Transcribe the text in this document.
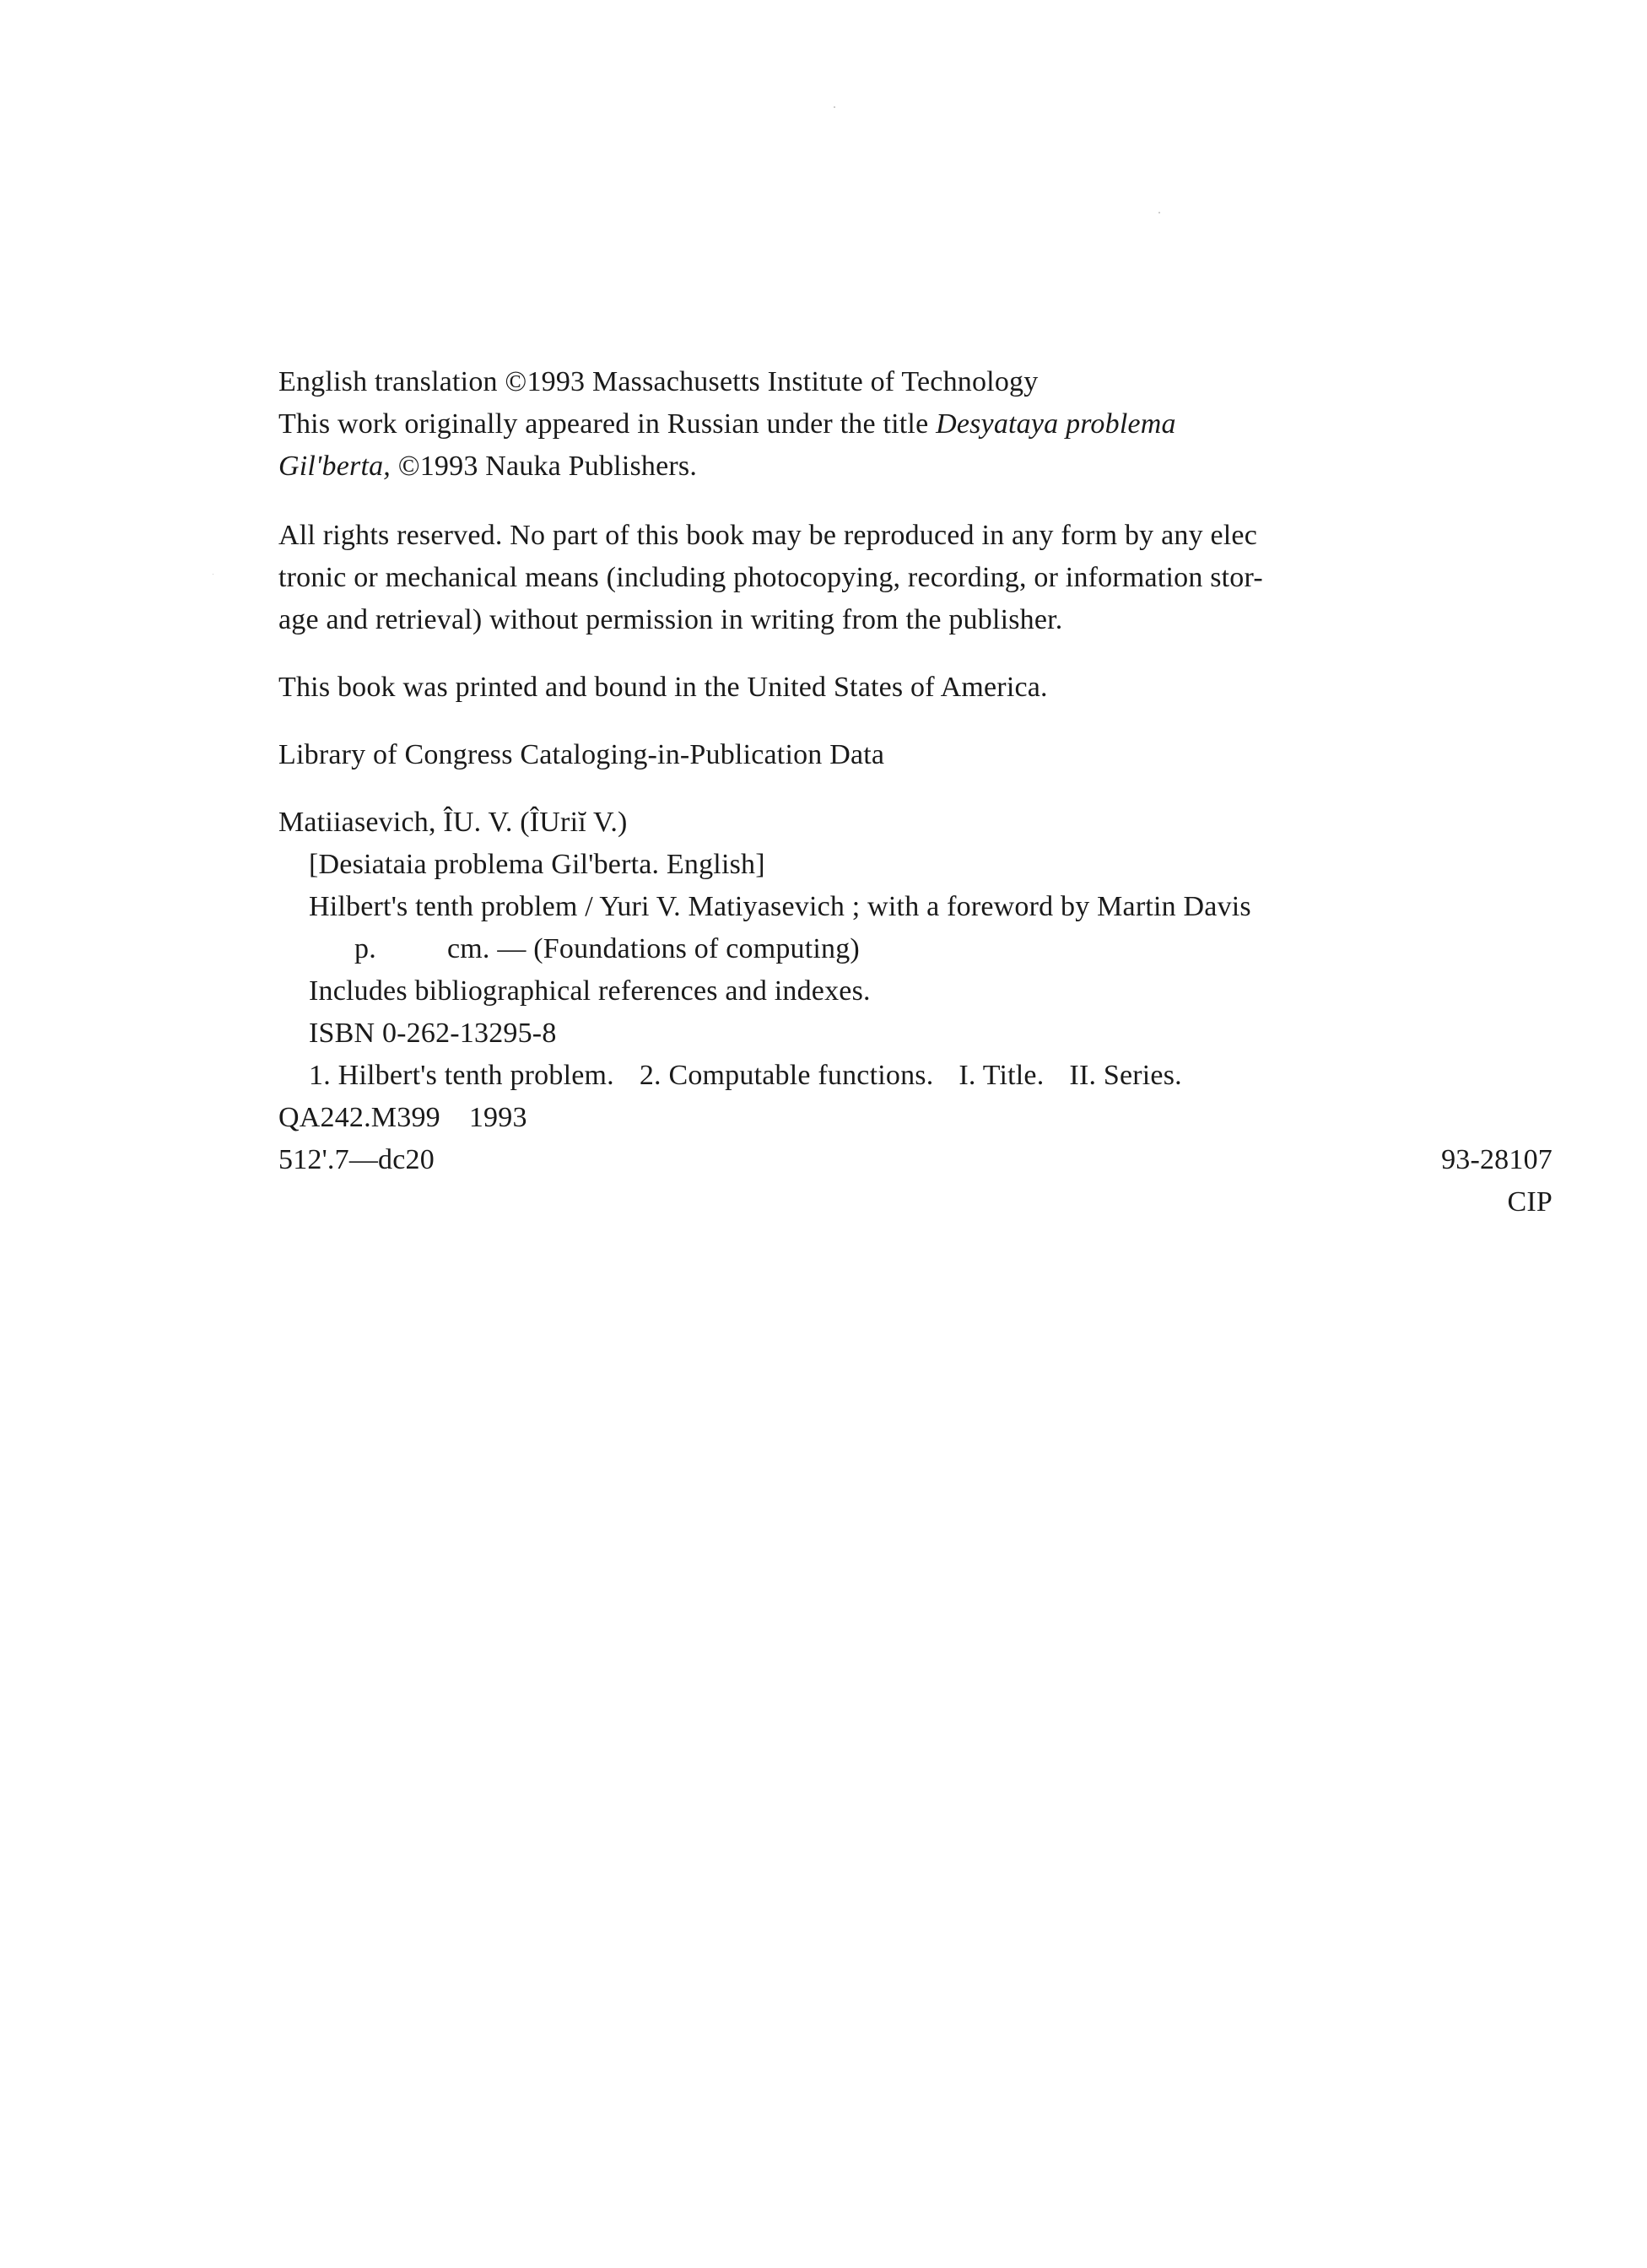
English translation ©1993 Massachusetts Institute of Technology
This work originally appeared in Russian under the title Desyataya problema
Gil'berta, ©1993 Nauka Publishers.
All rights reserved. No part of this book may be reproduced in any form by any elec
tronic or mechanical means (including photocopying, recording, or information stor-
age and retrieval) without permission in writing from the publisher.
This book was printed and bound in the United States of America.
Library of Congress Cataloging-in-Publication Data
Matiiasevich, ÎU. V. (ÎUriĭ V.)
[Desiataia problema Gil'berta. English]
Hilbert's tenth problem / Yuri V. Matiyasevich ; with a foreword by Martin Davis
p. cm. — (Foundations of computing)
Includes bibliographical references and indexes.
ISBN 0-262-13295-8
1. Hilbert's tenth problem. 2. Computable functions. I. Title. II. Series.
QA242.M399 1993
512'.7—dc20	93-28107
CIP
